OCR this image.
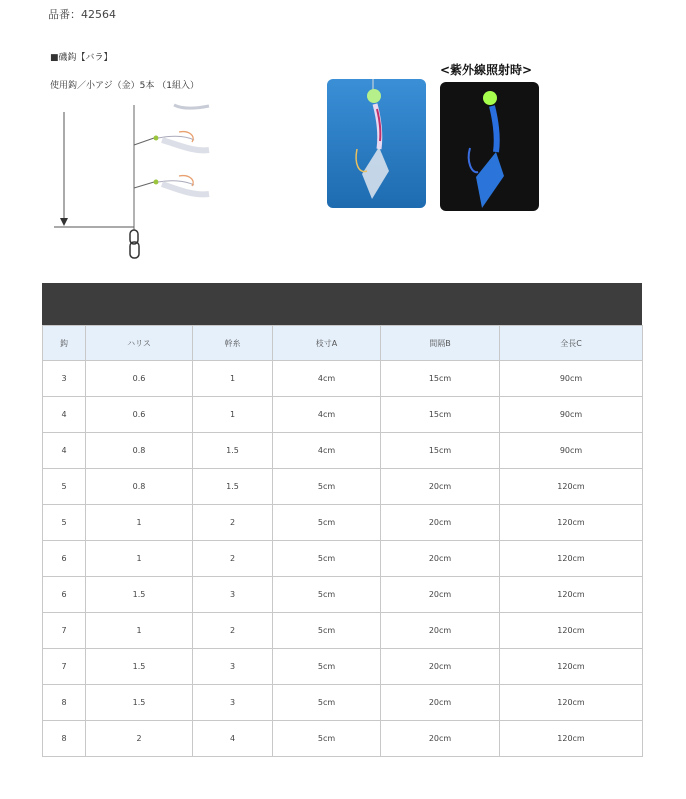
品番：42564
■磯鈎【バラ】
使用鈎／小アジ（金）5本 （1組入）
<紫外線照射時>
鈎	ハリス	幹糸	枝寸A	間隔B	全長C
3	0.6	1	4cm	15cm	90cm
4	0.6	1	4cm	15cm	90cm
4	0.8	1.5	4cm	15cm	90cm
5	0.8	1.5	5cm	20cm	120cm
5	1	2	5cm	20cm	120cm
6	1	2	5cm	20cm	120cm
6	1.5	3	5cm	20cm	120cm
7	1	2	5cm	20cm	120cm
7	1.5	3	5cm	20cm	120cm
8	1.5	3	5cm	20cm	120cm
8	2	4	5cm	20cm	120cm
